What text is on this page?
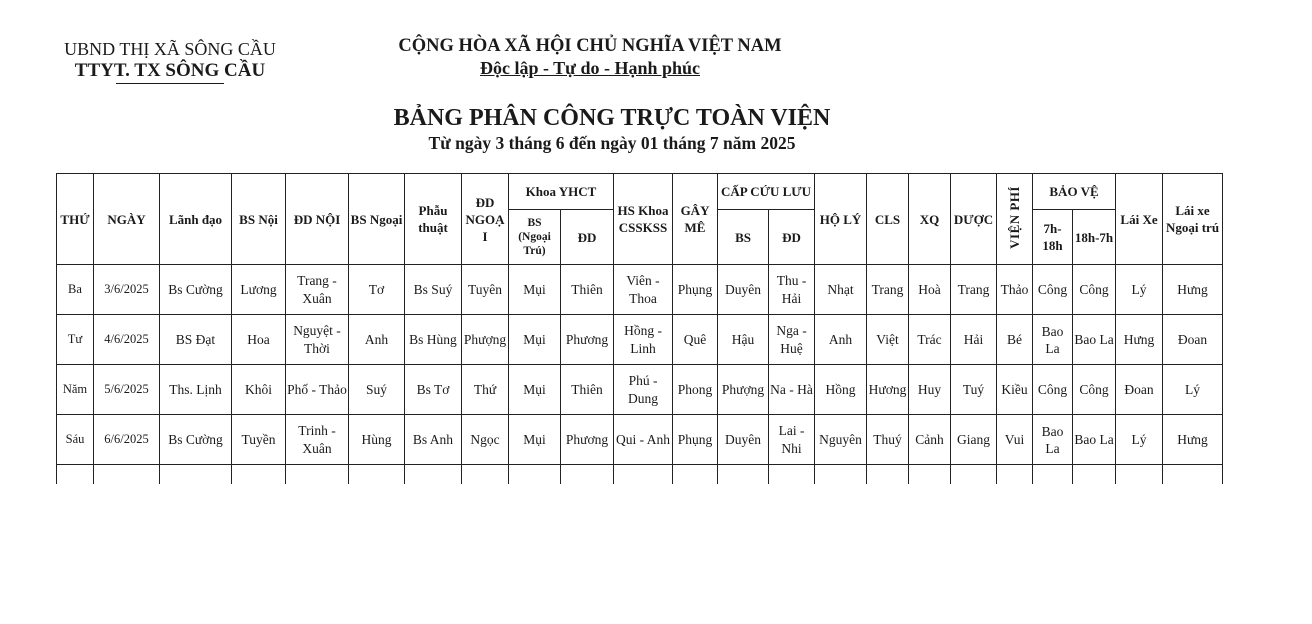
UBND THỊ XÃ SÔNG CẦU
TTYT. TX SÔNG CẦU
CỘNG HÒA XÃ HỘI CHỦ NGHĨA VIỆT NAM
Độc lập - Tự do - Hạnh phúc
BẢNG PHÂN CÔNG TRỰC TOÀN VIỆN
Từ ngày 3 tháng 6 đến ngày 01 tháng 7 năm 2025
THỨ	NGÀY	Lãnh đạo	BS Nội	ĐD NỘI	BS Ngoại	Phẫu thuật	ĐD NGOẠ I	Khoa YHCT		HS Khoa CSSKSS	GÂY MÊ	CẤP CỨU LƯU		HỘ LÝ	CLS	XQ	DƯỢC	VIỆN PHÍ	BẢO VỆ		Lái Xe	Lái xe Ngoại trú
								BS (Ngoại Trú)	ĐD			BS	ĐD						7h-18h	18h-7h		
Ba	3/6/2025	Bs Cường	Lương	Trang - Xuân	Tơ	Bs Suý	Tuyên	Mụi	Thiên	Viên - Thoa	Phụng	Duyên	Thu - Hải	Nhạt	Trang	Hoà	Trang	Thảo	Công	Công	Lý	Hưng
Tư	4/6/2025	BS Đạt	Hoa	Nguyệt - Thời	Anh	Bs Hùng	Phượng	Mụi	Phương	Hồng - Linh	Quê	Hậu	Nga - Huệ	Anh	Việt	Trác	Hải	Bé	Bao La	Bao La	Hưng	Đoan
Năm	5/6/2025	Ths. Lịnh	Khôi	Phố - Thảo	Suý	Bs Tơ	Thứ	Mụi	Thiên	Phú - Dung	Phong	Phượng	Na - Hà	Hồng	Hương	Huy	Tuý	Kiều	Công	Công	Đoan	Lý
Sáu	6/6/2025	Bs Cường	Tuyền	Trinh - Xuân	Hùng	Bs Anh	Ngọc	Mụi	Phương	Qui - Anh	Phụng	Duyên	Lai - Nhi	Nguyên	Thuý	Cảnh	Giang	Vui	Bao La	Bao La	Lý	Hưng
